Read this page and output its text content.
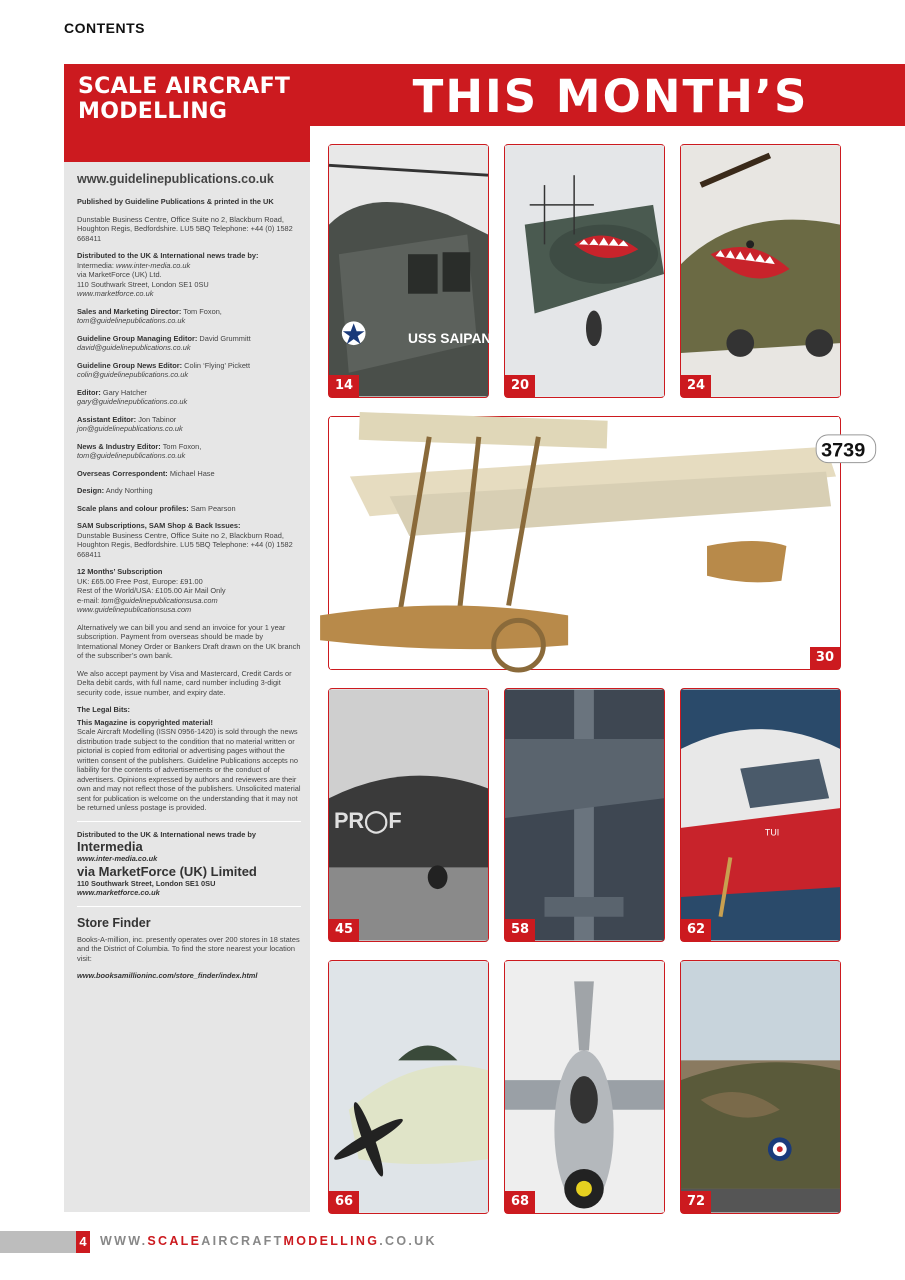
CONTENTS
SCALE AIRCRAFT MODELLING	THIS MONTH’S
www.guidelinepublications.co.uk
Published by Guideline Publications & printed in the UK
Dunstable Business Centre, Office Suite no 2, Blackburn Road, Houghton Regis, Bedfordshire. LU5 5BQ Telephone: +44 (0) 1582 668411
Distributed to the UK & International news trade by:
Intermedia: www.inter-media.co.uk
via MarketForce (UK) Ltd.
110 Southwark Street, London SE1 0SU
www.marketforce.co.uk
Sales and Marketing Director: Tom Foxon,
tom@guidelinepublications.co.uk
Guideline Group Managing Editor: David Grummitt
david@guidelinepublications.co.uk
Guideline Group News Editor: Colin ‘Flying’ Pickett
colin@guidelinepublications.co.uk
Editor: Gary Hatcher
gary@guidelinepublications.co.uk
Assistant Editor: Jon Tabinor
jon@guidelinepublications.co.uk
News & Industry Editor: Tom Foxon,
tom@guidelinepublications.co.uk
Overseas Correspondent: Michael Hase
Design: Andy Northing
Scale plans and colour profiles: Sam Pearson
SAM Subscriptions, SAM Shop & Back Issues:
Dunstable Business Centre, Office Suite no 2, Blackburn Road, Houghton Regis, Bedfordshire. LU5 5BQ Telephone: +44 (0) 1582 668411
12 Months’ Subscription
UK: £65.00 Free Post, Europe: £91.00
Rest of the World/USA: £105.00 Air Mail Only
e-mail: tom@guidelinepublicationsusa.com
www.guidelinepublicationsusa.com
Alternatively we can bill you and send an invoice for your 1 year subscription. Payment from overseas should be made by International Money Order or Bankers Draft drawn on the UK branch of the subscriber’s own bank.
We also accept payment by Visa and Mastercard, Credit Cards or Delta debit cards, with full name, card number including 3-digit security code, issue number, and expiry date.
The Legal Bits:
This Magazine is copyrighted material!
Scale Aircraft Modelling (ISSN 0956-1420) is sold through the news distribution trade subject to the condition that no material written or pictorial is copied from editorial or advertising pages without the written consent of the publishers. Guideline Publications accepts no liability for the contents of advertisements or the conduct of advertisers. Opinions expressed by authors and reviewers are their own and may not reflect those of the publishers. Unsolicited material sent for publication is welcome on the understanding that it may not be returned unless postage is provided.
Distributed to the UK & International news trade by
Intermedia
www.inter-media.co.uk
via MarketForce (UK) Limited
110 Southwark Street, London SE1 0SU
www.marketforce.co.uk
Store Finder
Books-A-million, inc. presently operates over 200 stores in 18 states and the District of Columbia. To find the store nearest your location visit:
www.booksamillioninc.com/store_finder/index.html
USS SAIPAN
14	20	24
3739
30
PR◯F
45	58
TUI
62
66	68	72
4 WWW.SCALEAIRCRAFTMODELLING.CO.UK
